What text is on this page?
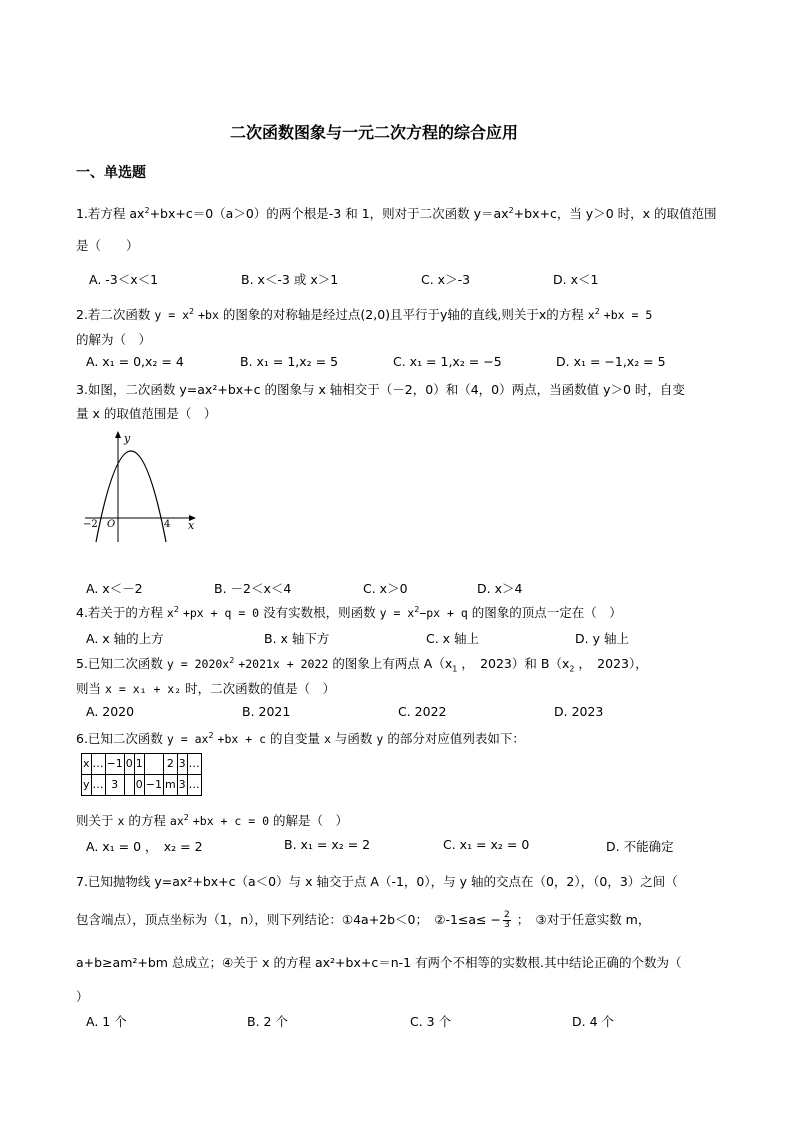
二次函数图象与一元二次方程的综合应用
一、单选题
1.若方程 $ax^2+bx+c=0(a>0)$的两个根是-3 和 1，则对于二次函数 $y=ax^2+bx+c$，当 y＞0 时，x 的取值范围
是（　　）
A. -3＜x＜1	B. x＜-3 或 x＞1	C. x＞-3	D. x＜1
2.若二次函数 $y = x^2 +bx$ 的图象的对称轴是经过点(2,0)且平行于y轴的直线,则关于x的方程 $x^2 +bx = 5$
的解为（　）
A. x₁ = 0,x₂ = 4	B. x₁ = 1,x₂ = 5	C. x₁ = 1,x₂ = −5	D. x₁ = −1,x₂ = 5
3.如图，二次函数 y=ax²+bx+c 的图象与 x 轴相交于（－2，0）和（4，0）两点，当函数值 y＞0 时，自变
量 x 的取值范围是（　）
y
x
O
−2	4
A. x＜－2	B. －2＜x＜4	C. x＞0	D. x＞4
4.若关于的方程 $x^2 +px + q = 0$ 没有实数根，则函数 $y = x^2-px + q$ 的图象的顶点一定在（　）
A. x 轴的上方	B. x 轴下方	C. x 轴上	D. y 轴上
5.已知二次函数 $y = 2020x^2 +2021x + 2022$ 的图象上有两点 $A(x_1$ ，　2023）和 $B(x_2$ ，　2023），
则当 x = x₁ + x₂ 时，二次函数的值是（　）
A. 2020	B. 2021	C. 2022	D. 2023
6.已知二次函数 $y = ax^2 +bx + c$ 的自变量 x 与函数 y 的部分对应值列表如下：
x	…	−1	0	1		2	3	…
y	…	3		0	−1	m	3	…
则关于 x 的方程 $ax^2 +bx + c = 0$ 的解是（　）
A. x₁ = 0 ，　x₂ = 2	B. x₁ = x₂ = 2	C. x₁ = x₂ = 0	D. 不能确定
7.已知抛物线 y=ax²+bx+c（a＜0）与 x 轴交于点 A（-1，0），与 y 轴的交点在（0，2），（0，3）之间（
包含端点），顶点坐标为（1，n），则下列结论：①4a+2b＜0；　②-1≤a≤ − $\frac{2}{3}$ ；　③对于任意实数 m，
a+b≥am²+bm 总成立；④关于 x 的方程 ax²+bx+c＝n-1 有两个不相等的实数根.其中结论正确的个数为（
）
A. 1 个	B. 2 个	C. 3 个	D. 4 个
